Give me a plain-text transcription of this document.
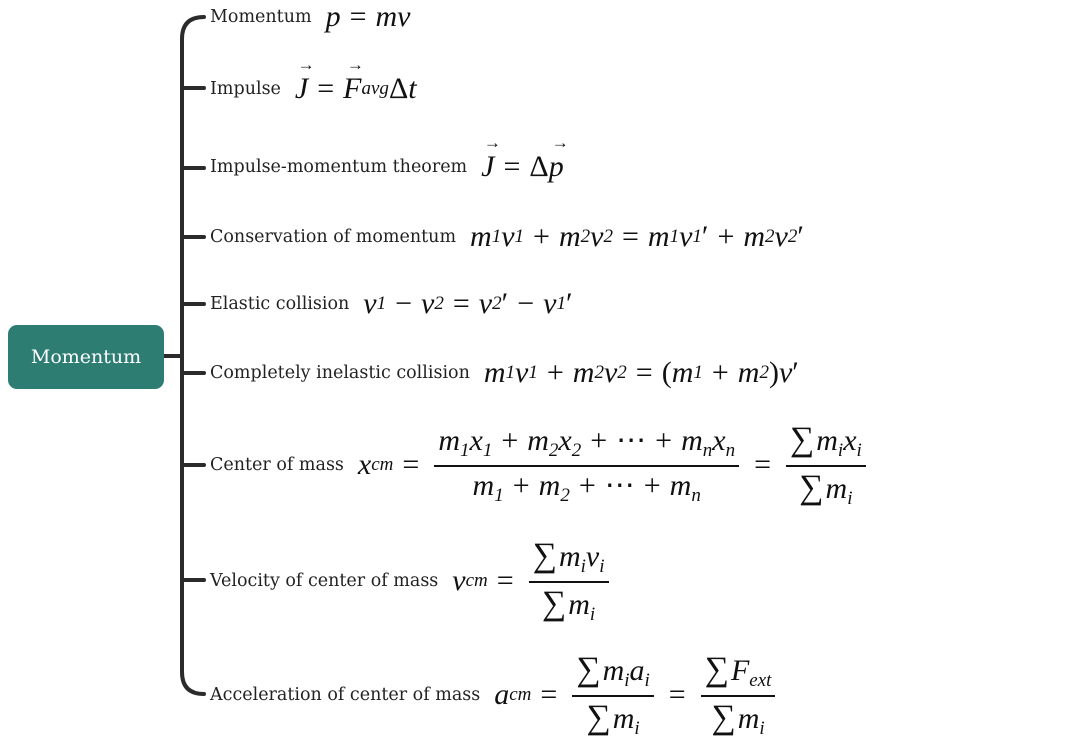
Momentum
Momentum → p = m → v
Impulse → J = → F avg Δ t
Impulse-momentum theorem → J = Δ → p
Conservation of momentum m 1 v 1 + m 2 v 2 = m 1 v 1 ′ + m 2 v 2 ′
Elastic collision v 1 − v 2 = v 2 ′ − v 1 ′
Completely inelastic collision m 1 v 1 + m 2 v 2 = ( m 1 + m 2 ) v ′
Center of mass x cm = $\frac{m_1x_1 + m_2x_2 + \cdots + m_nx_n}{m_1 + m_2 + \cdots + m_n} = \frac{\sum m_ix_i}{\sum m_i}$
Velocity of center of mass v cm = $\frac{\sum m_iv_i}{\sum m_i}$
Acceleration of center of mass a cm = $\frac{\sum m_ia_i}{\sum m_i} = \frac{\sum F_{ext}}{\sum m_i}$
